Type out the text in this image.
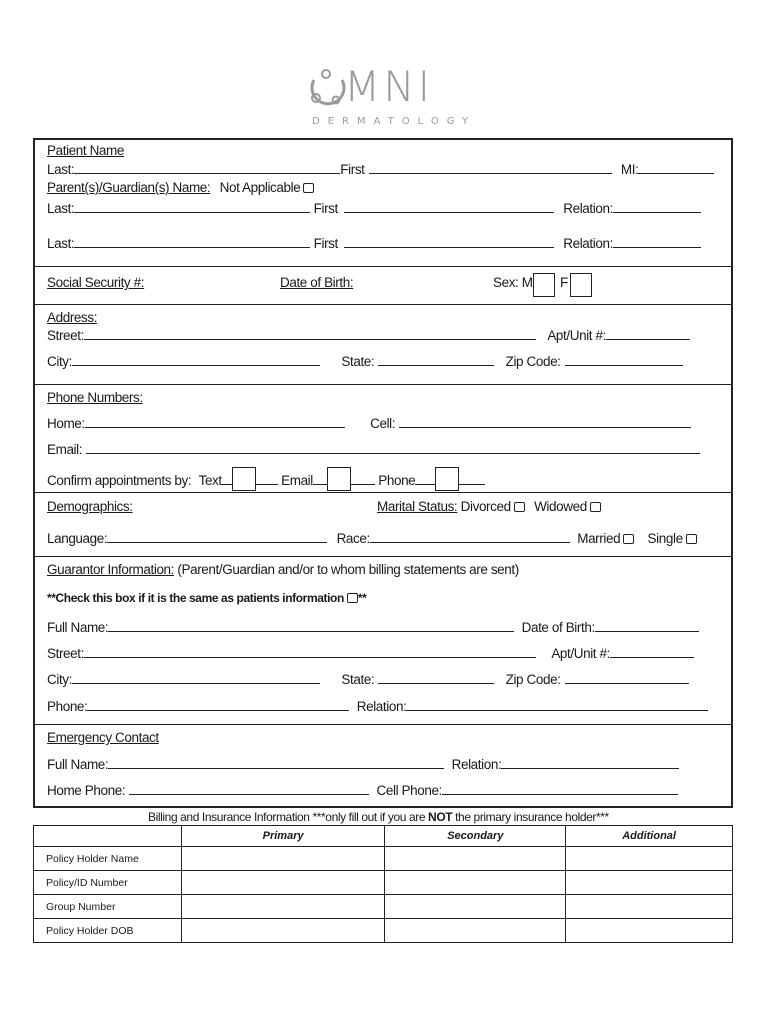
MNI
DERMATOLOGY
Patient Name
Last:	First	MI:
Parent(s)/Guardian(s) Name: Not Applicable
Last:	First	Relation:
Last:	First	Relation:
Social Security #:	Date of Birth:	Sex: M F
Address:
Street:	Apt/Unit #:
City:	State:	Zip Code:
Phone Numbers:
Home:	Cell:
Email:
Confirm appointments by: Text	Email	Phone
Demographics:	Marital Status: Divorced Widowed
Language:	Race:	Married Single
Guarantor Information: (Parent/Guardian and/or to whom billing statements are sent)
**Check this box if it is the same as patients information **
Full Name:	Date of Birth:
Street:	Apt/Unit #:
City:	State:	Zip Code:
Phone:	Relation:
Emergency Contact
Full Name:	Relation:
Home Phone:	Cell Phone:
Billing and Insurance Information ***only fill out if you are NOT the primary insurance holder***
	Primary	Secondary	Additional
Policy Holder Name			
Policy/ID Number			
Group Number			
Policy Holder DOB			
